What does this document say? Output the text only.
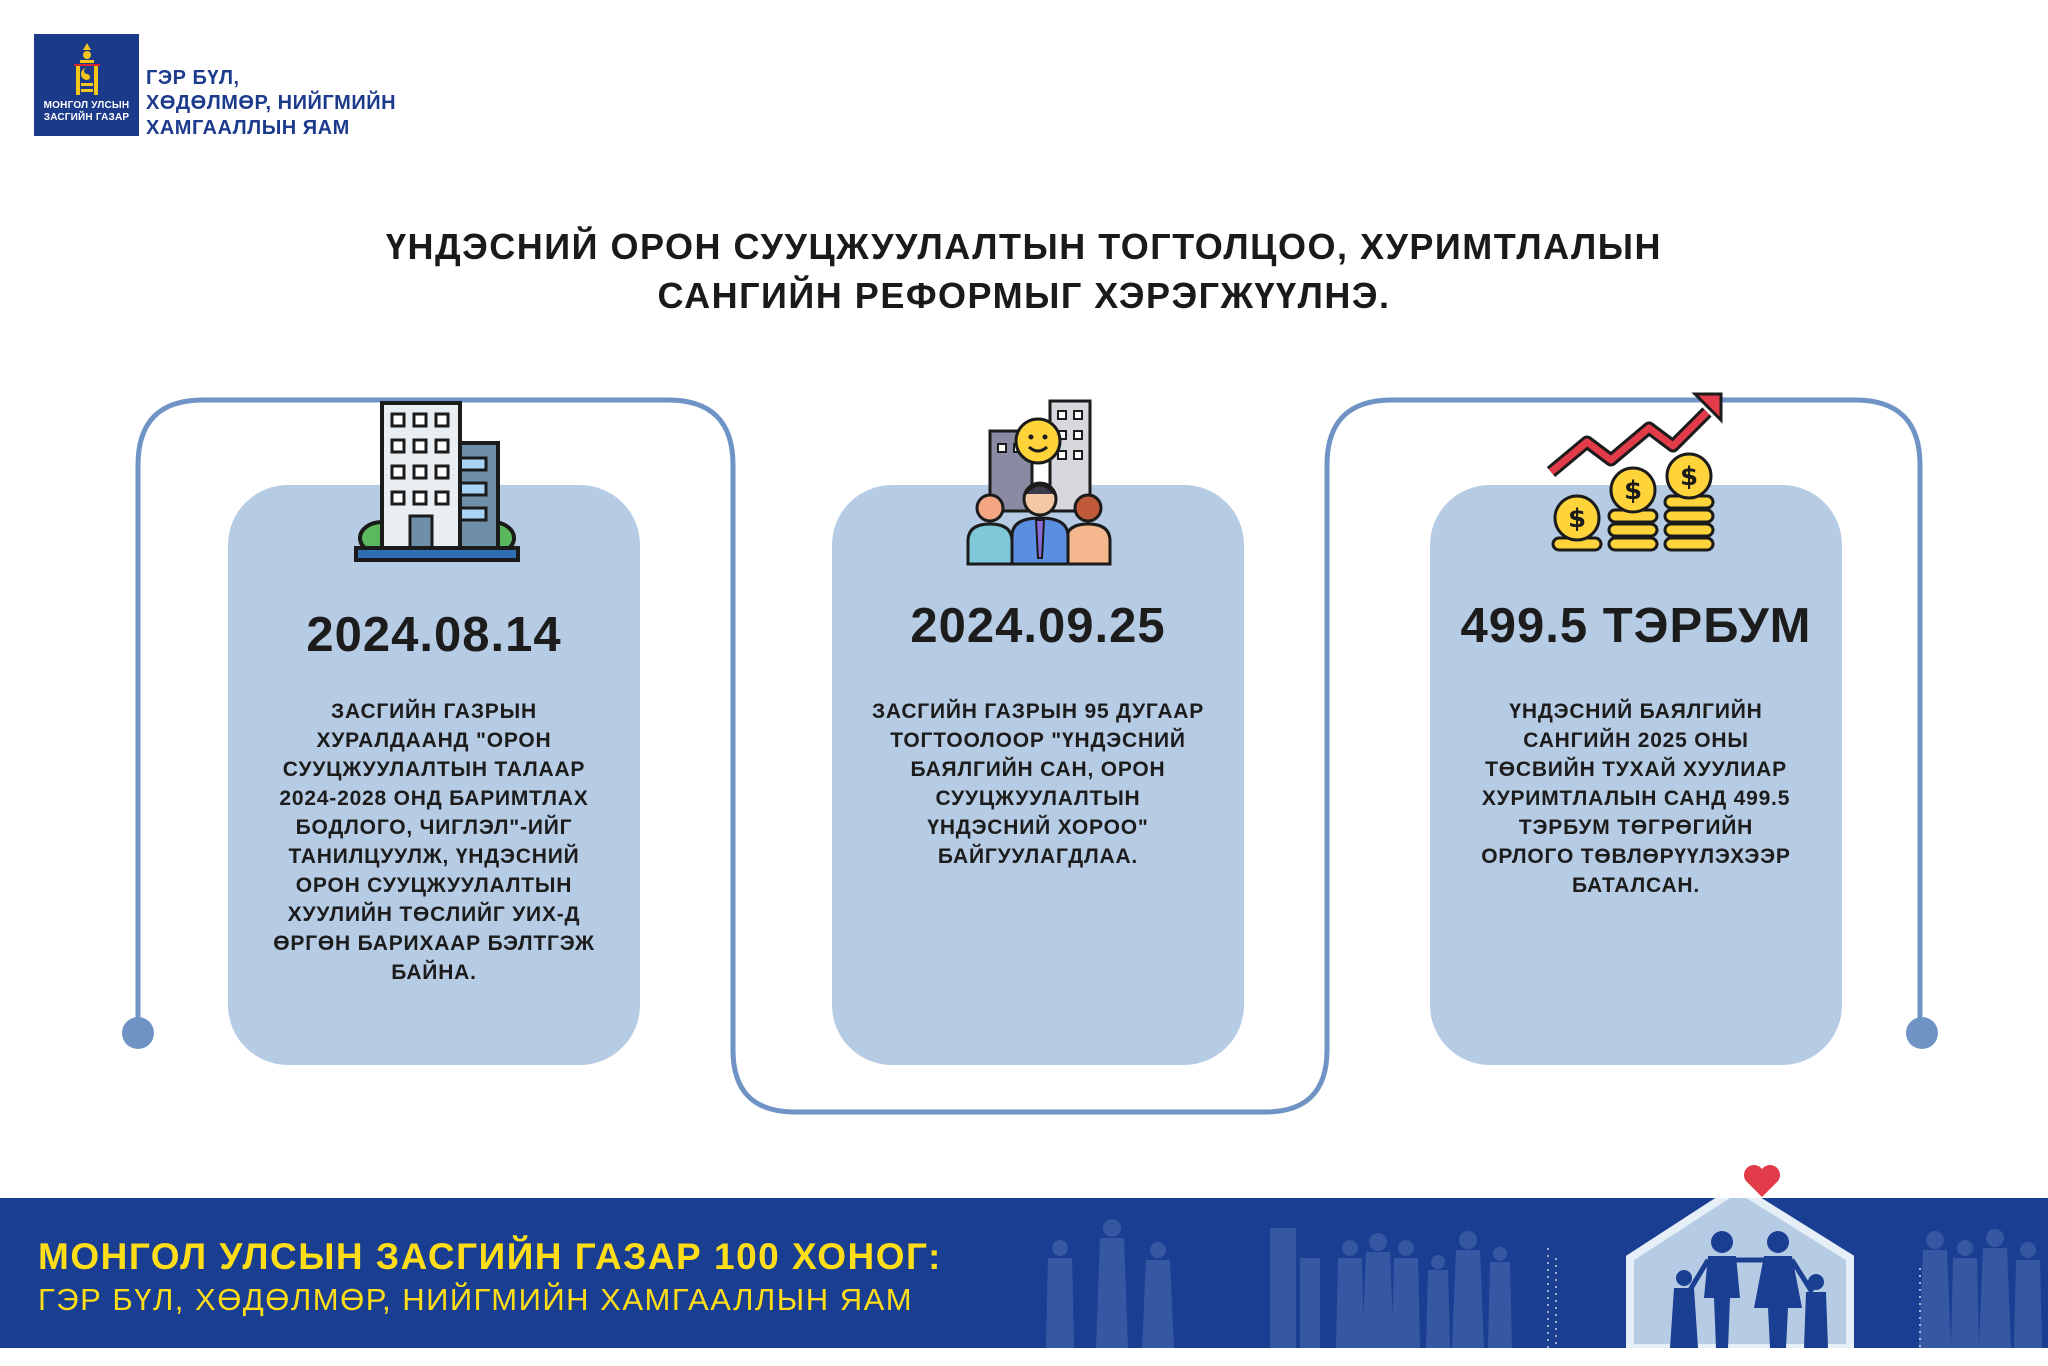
МОНГОЛ УЛСЫН
ЗАСГИЙН ГАЗАР
ГЭР БҮЛ,
ХӨДӨЛМӨР, НИЙГМИЙН
ХАМГААЛЛЫН ЯАМ
ҮНДЭСНИЙ ОРОН СУУЦЖУУЛАЛТЫН ТОГТОЛЦОО, ХУРИМТЛАЛЫН
САНГИЙН РЕФОРМЫГ ХЭРЭГЖҮҮЛНЭ.
2024.08.14
ЗАСГИЙН ГАЗРЫН
ХУРАЛДААНД "ОРОН
СУУЦЖУУЛАЛТЫН ТАЛААР
2024-2028 ОНД БАРИМТЛАХ
БОДЛОГО, ЧИГЛЭЛ"-ИЙГ
ТАНИЛЦУУЛЖ, ҮНДЭСНИЙ
ОРОН СУУЦЖУУЛАЛТЫН
ХУУЛИЙН ТӨСЛИЙГ УИХ-Д
ӨРГӨН БАРИХААР БЭЛТГЭЖ
БАЙНА.
2024.09.25
ЗАСГИЙН ГАЗРЫН 95 ДУГААР
ТОГТООЛООР "ҮНДЭСНИЙ
БАЯЛГИЙН САН, ОРОН
СУУЦЖУУЛАЛТЫН
ҮНДЭСНИЙ ХОРОО"
БАЙГУУЛАГДЛАА.
499.5 ТЭРБУМ
ҮНДЭСНИЙ БАЯЛГИЙН
САНГИЙН 2025 ОНЫ
ТӨСВИЙН ТУХАЙ ХУУЛИАР
ХУРИМТЛАЛЫН САНД 499.5
ТЭРБУМ ТӨГРӨГИЙН
ОРЛОГО ТӨВЛӨРҮҮЛЭХЭЭР
БАТАЛСАН.
$
$ $
МОНГОЛ УЛСЫН ЗАСГИЙН ГАЗАР 100 ХОНОГ:
ГЭР БҮЛ, ХӨДӨЛМӨР, НИЙГМИЙН ХАМГААЛЛЫН ЯАМ
